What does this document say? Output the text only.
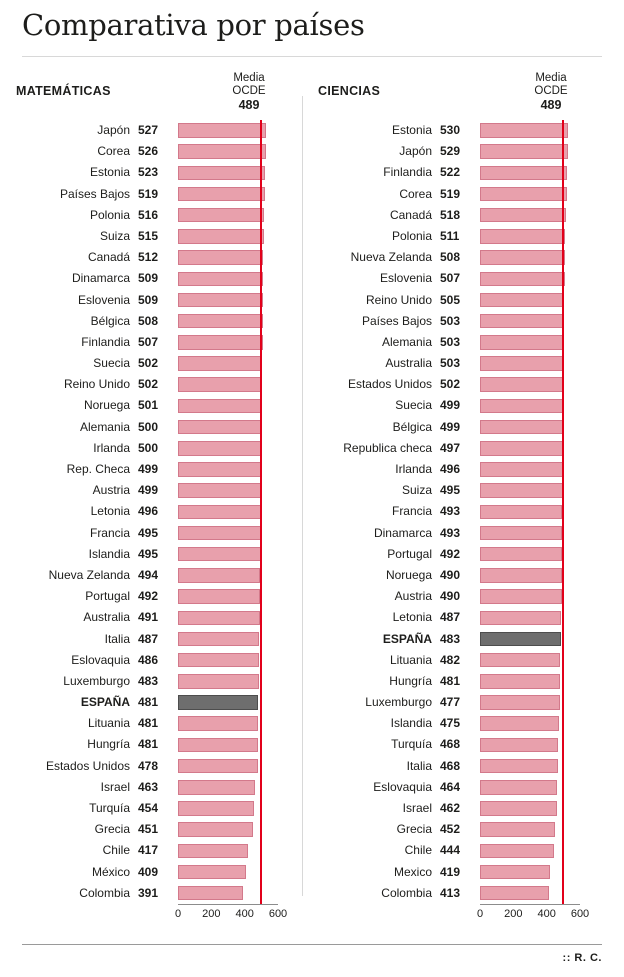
Comparativa por países
MATEMÁTICAS
Media
OCDE
489
Japón 527
Corea 526
Estonia 523
Países Bajos 519
Polonia 516
Suiza 515
Canadá 512
Dinamarca 509
Eslovenia 509
Bélgica 508
Finlandia 507
Suecia 502
Reino Unido 502
Noruega 501
Alemania 500
Irlanda 500
Rep. Checa 499
Austria 499
Letonia 496
Francia 495
Islandia 495
Nueva Zelanda 494
Portugal 492
Australia 491
Italia 487
Eslovaquia 486
Luxemburgo 483
ESPAÑA 481
Lituania 481
Hungría 481
Estados Unidos 478
Israel 463
Turquía 454
Grecia 451
Chile 417
México 409
Colombia 391
0 200 400 600
CIENCIAS
Media
OCDE
489
Estonia 530
Japón 529
Finlandia 522
Corea 519
Canadá 518
Polonia 511
Nueva Zelanda 508
Eslovenia 507
Reino Unido 505
Países Bajos 503
Alemania 503
Australia 503
Estados Unidos 502
Suecia 499
Bélgica 499
Republica checa 497
Irlanda 496
Suiza 495
Francia 493
Dinamarca 493
Portugal 492
Noruega 490
Austria 490
Letonia 487
ESPAÑA 483
Lituania 482
Hungría 481
Luxemburgo 477
Islandia 475
Turquía 468
Italia 468
Eslovaquia 464
Israel 462
Grecia 452
Chile 444
Mexico 419
Colombia 413
0 200 400 600
:: R. C.
